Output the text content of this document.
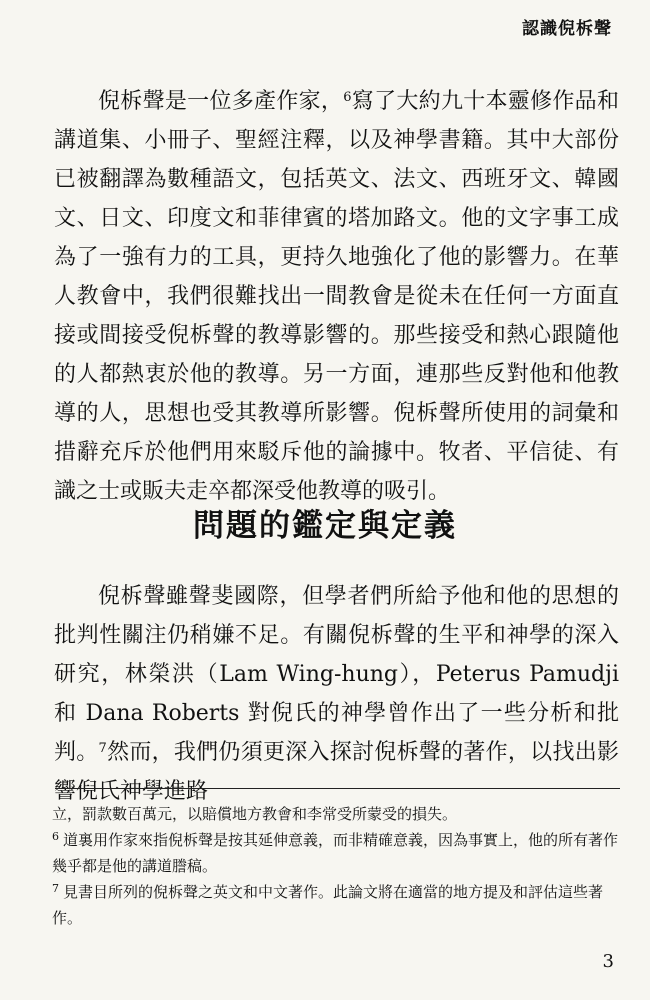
認識倪柝聲

倪柝聲是一位多產作家，$^6$寫了大約九十本靈修作品和講道集、小冊子、聖經注釋，以及神學書籍。其中大部份已被翻譯為數種語文，包括英文、法文、西班牙文、韓國文、日文、印度文和菲律賓的塔加路文。他的文字事工成為了一強有力的工具，更持久地強化了他的影響力。在華人教會中，我們很難找出一間教會是從未在任何一方面直接或間接受倪柝聲的教導影響的。那些接受和熱心跟隨他的人都熱衷於他的教導。另一方面，連那些反對他和他教導的人，思想也受其教導所影響。倪柝聲所使用的詞彙和措辭充斥於他們用來駁斥他的論據中。牧者、平信徒、有識之士或販夫走卒都深受他教導的吸引。

問題的鑑定與定義

倪柝聲雖聲斐國際，但學者們所給予他和他的思想的批判性關注仍稍嫌不足。有關倪柝聲的生平和神學的深入研究，林榮洪（Lam Wing-hung），Peterus Pamudji 和 Dana Roberts 對倪氏的神學曾作出了一些分析和批判。$^7$然而，我們仍須更深入探討倪柝聲的著作，以找出影響倪氏神學進路

立，罰款數百萬元，以賠償地方教會和李常受所蒙受的損失。

$^6$ 道裏用作家來指倪柝聲是按其延伸意義，而非精確意義，因為事實上，他的所有著作幾乎都是他的講道謄稿。

$^7$ 見書目所列的倪柝聲之英文和中文著作。此論文將在適當的地方提及和評估這些著作。

3
